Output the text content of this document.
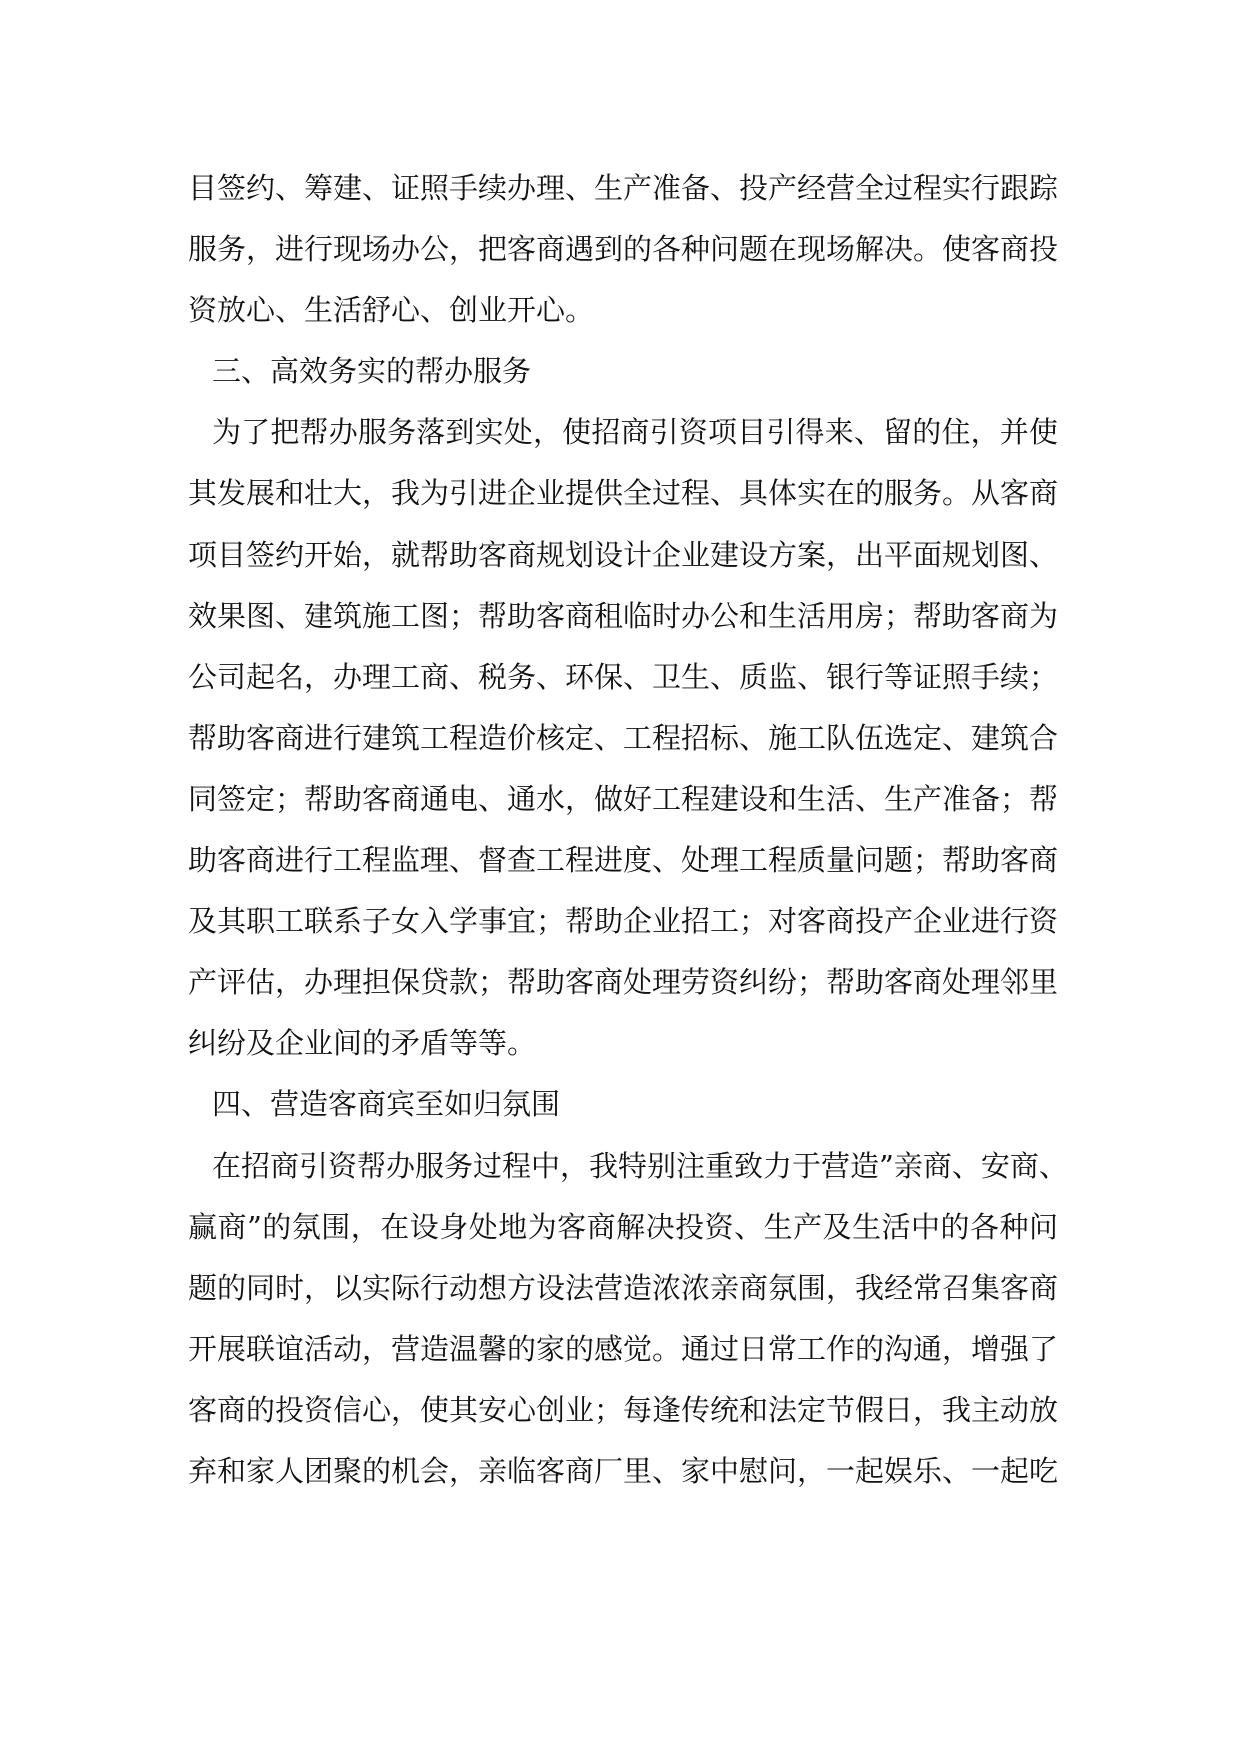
目签约、筹建、证照手续办理、生产准备、投产经营全过程实行跟踪
服务，进行现场办公，把客商遇到的各种问题在现场解决。使客商投
资放心、生活舒心、创业开心。
三、高效务实的帮办服务
为了把帮办服务落到实处，使招商引资项目引得来、留的住，并使
其发展和壮大，我为引进企业提供全过程、具体实在的服务。从客商
项目签约开始，就帮助客商规划设计企业建设方案，出平面规划图、
效果图、建筑施工图；帮助客商租临时办公和生活用房；帮助客商为
公司起名，办理工商、税务、环保、卫生、质监、银行等证照手续；
帮助客商进行建筑工程造价核定、工程招标、施工队伍选定、建筑合
同签定；帮助客商通电、通水，做好工程建设和生活、生产准备；帮
助客商进行工程监理、督查工程进度、处理工程质量问题；帮助客商
及其职工联系子女入学事宜；帮助企业招工；对客商投产企业进行资
产评估，办理担保贷款；帮助客商处理劳资纠纷；帮助客商处理邻里
纠纷及企业间的矛盾等等。
四、营造客商宾至如归氛围
在招商引资帮办服务过程中，我特别注重致力于营造”亲商、安商、
赢商”的氛围，在设身处地为客商解决投资、生产及生活中的各种问
题的同时，以实际行动想方设法营造浓浓亲商氛围，我经常召集客商
开展联谊活动，营造温馨的家的感觉。通过日常工作的沟通，增强了
客商的投资信心，使其安心创业；每逢传统和法定节假日，我主动放
弃和家人团聚的机会，亲临客商厂里、家中慰问，一起娱乐、一起吃
